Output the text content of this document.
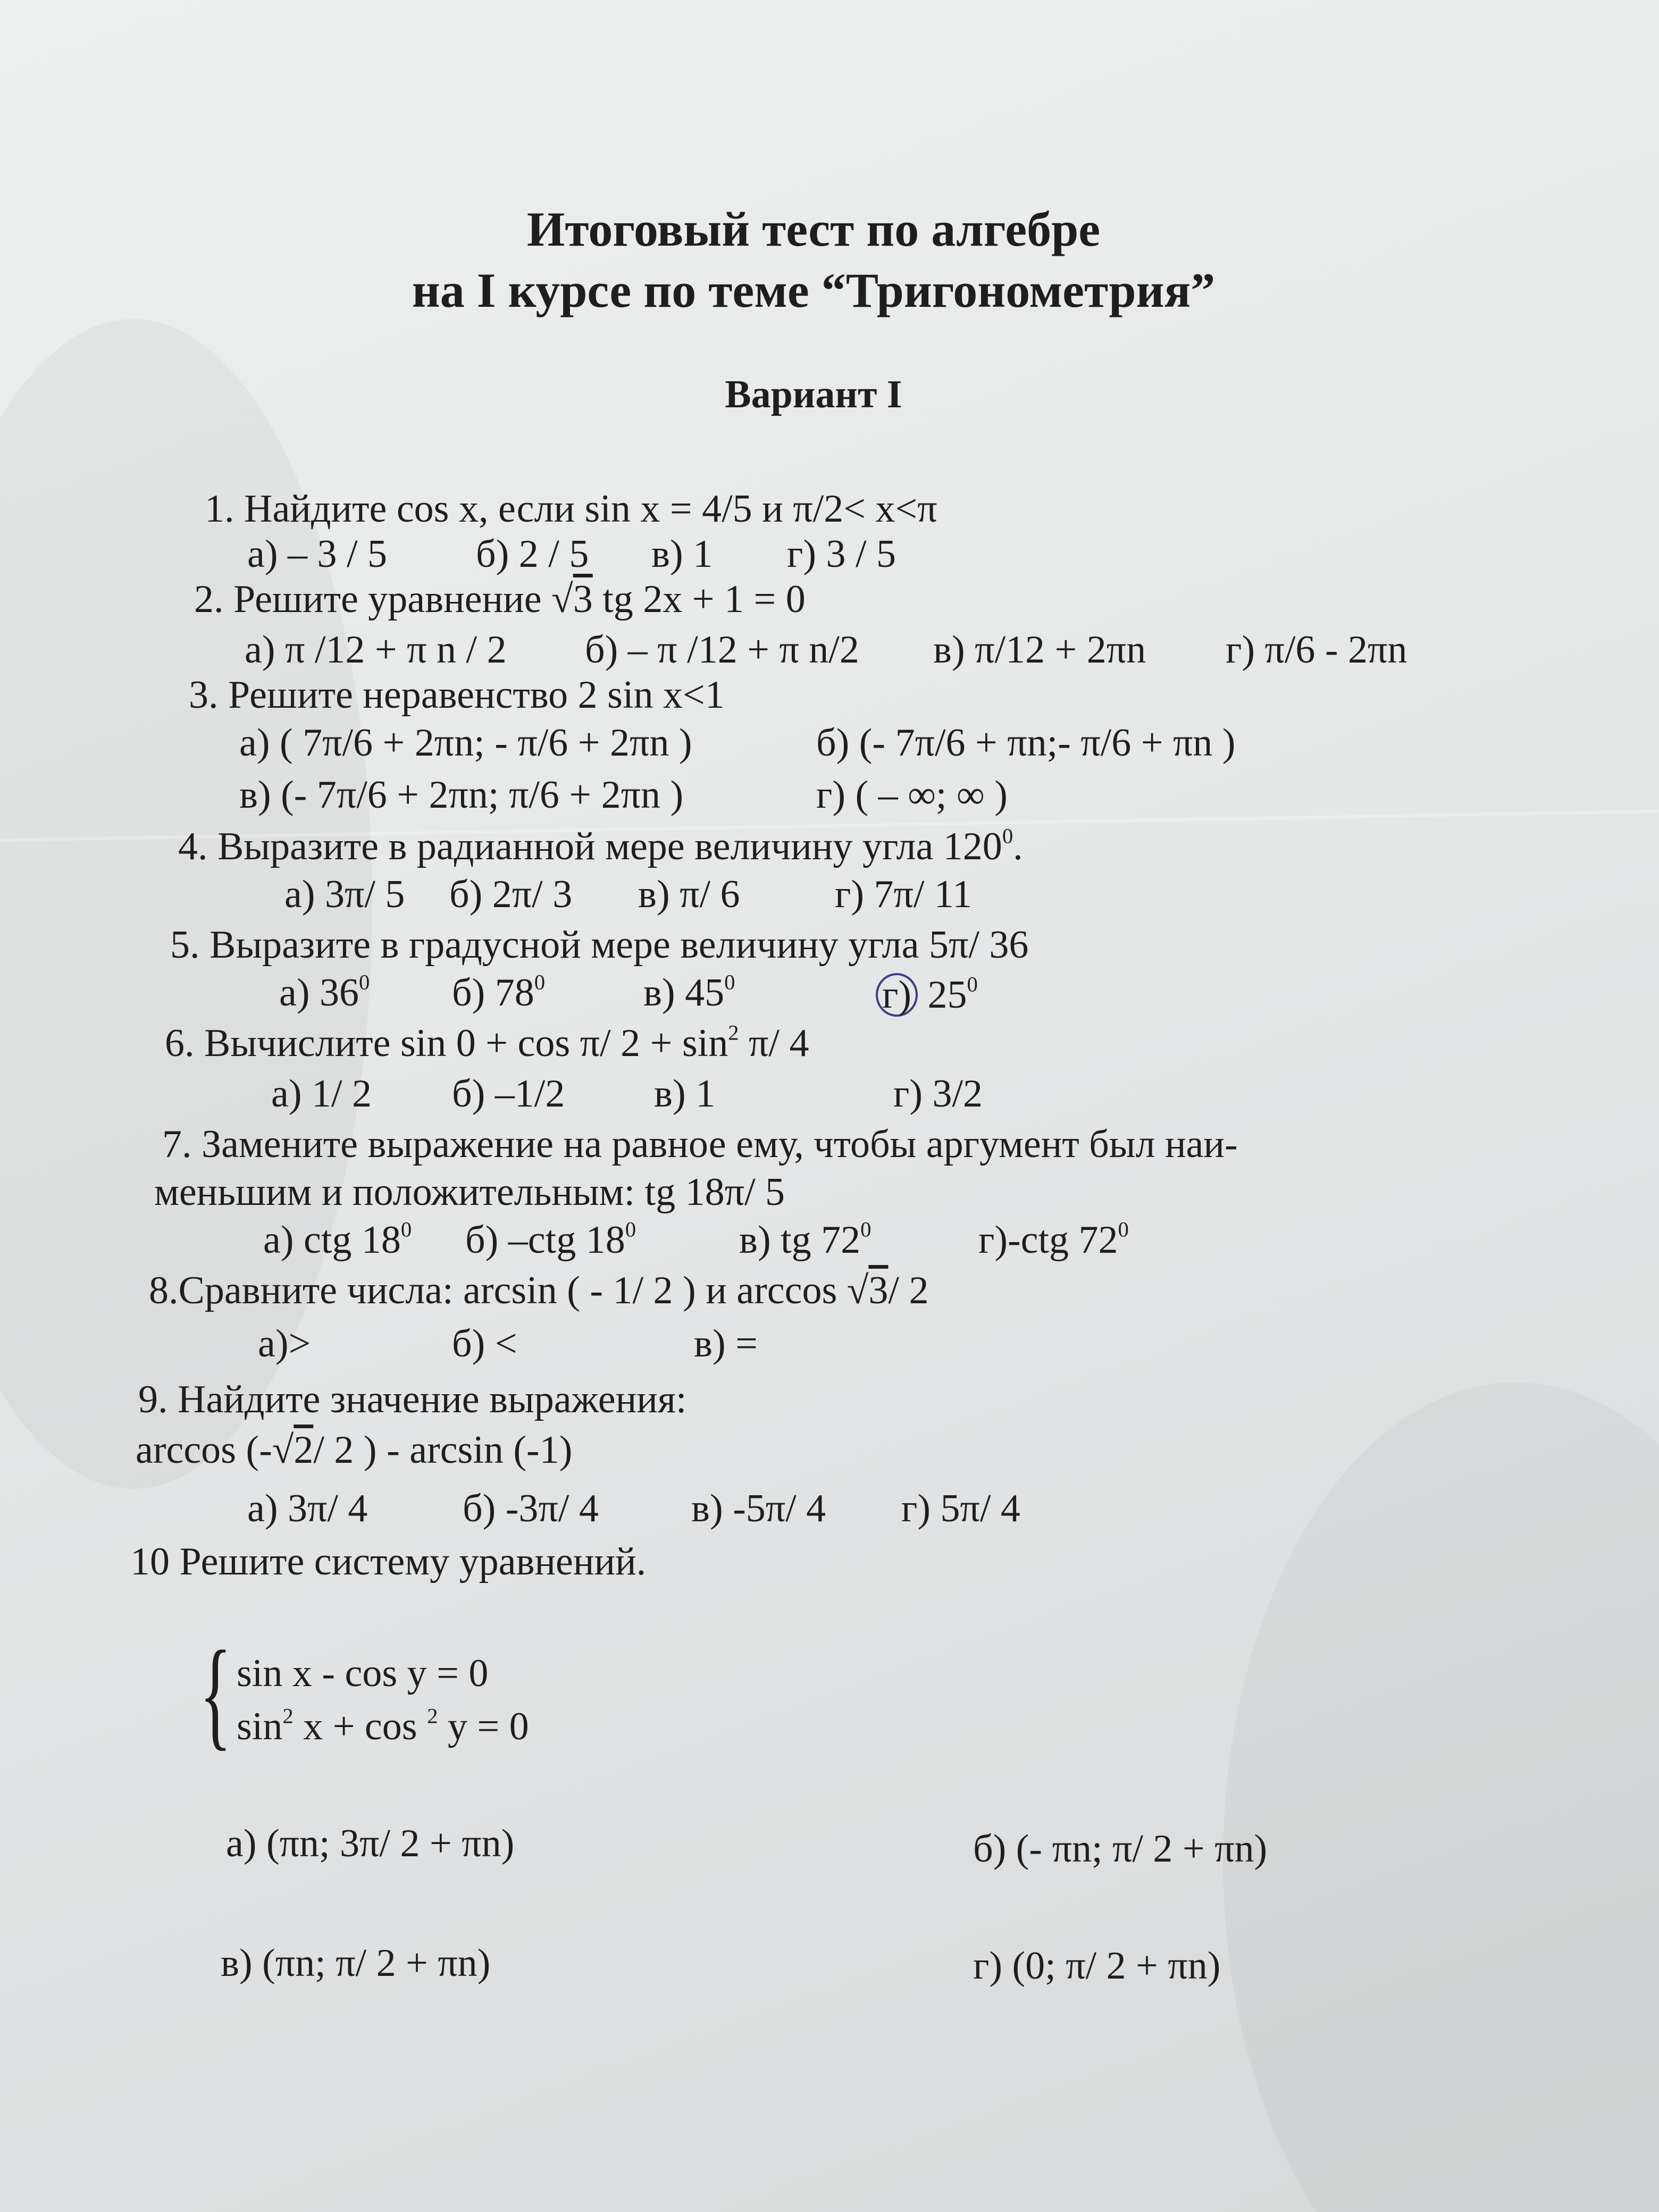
Итоговый тест по алгебре
на I курсе по теме “Тригонометрия”
Вариант I
1. Найдите cos x, если sin x = 4/5 и π/2< x<π
а) – 3 / 5 б) 2 / 5 в) 1 г) 3 / 5
2. Решите уравнение √3 tg 2x + 1 = 0
а) π /12 + π n / 2 б) – π /12 + π n/2 в) π/12 + 2πn г) π/6 - 2πn
3. Решите неравенство 2 sin x<1
а) ( 7π/6 + 2πn; - π/6 + 2πn )	б) (- 7π/6 + πn;- π/6 + πn )
в) (- 7π/6 + 2πn; π/6 + 2πn )	г) ( – ∞; ∞ )
4. Выразите в радианной мере величину угла $120^0$.
а) 3π/ 5 б) 2π/ 3 в) π/ 6 г) 7π/ 11
5. Выразите в градусной мере величину угла 5π/ 36
а) $36^0$ б) $78^0$ в) $45^0$	г) $25^0$
6. Вычислите sin 0 + cos π/ $2 + \sin^2 \pi/$ 4
а) 1/ 2 б) –1/2 в) 1	г) 3/2
7. Замените выражение на равное ему, чтобы аргумент был наи-
меньшим и положительным: tg 18π/ 5
а) ctg $18^0$ б) –ctg $18^0$	в) tg $72^0$	г)-ctg $72^0$
8.Сравните числа: arcsin ( - 1/ 2 ) и arccos √3/ 2
а)>	б) <	в) =
9. Найдите значение выражения:
arccos (-√2/ 2 ) - arcsin (-1)
а) 3π/ 4 б) -3π/ 4 в) -5π/ 4 г) 5π/ 4
10 Решите систему уравнений.
{ sin x - cos y = 0
$\sin^2 x + \cos ^2$ y = 0
а) (πn; 3π/ 2 + πn)	б) (- πn; π/ 2 + πn)
в) (πn; π/ 2 + πn)	г) (0; π/ 2 + πn)
